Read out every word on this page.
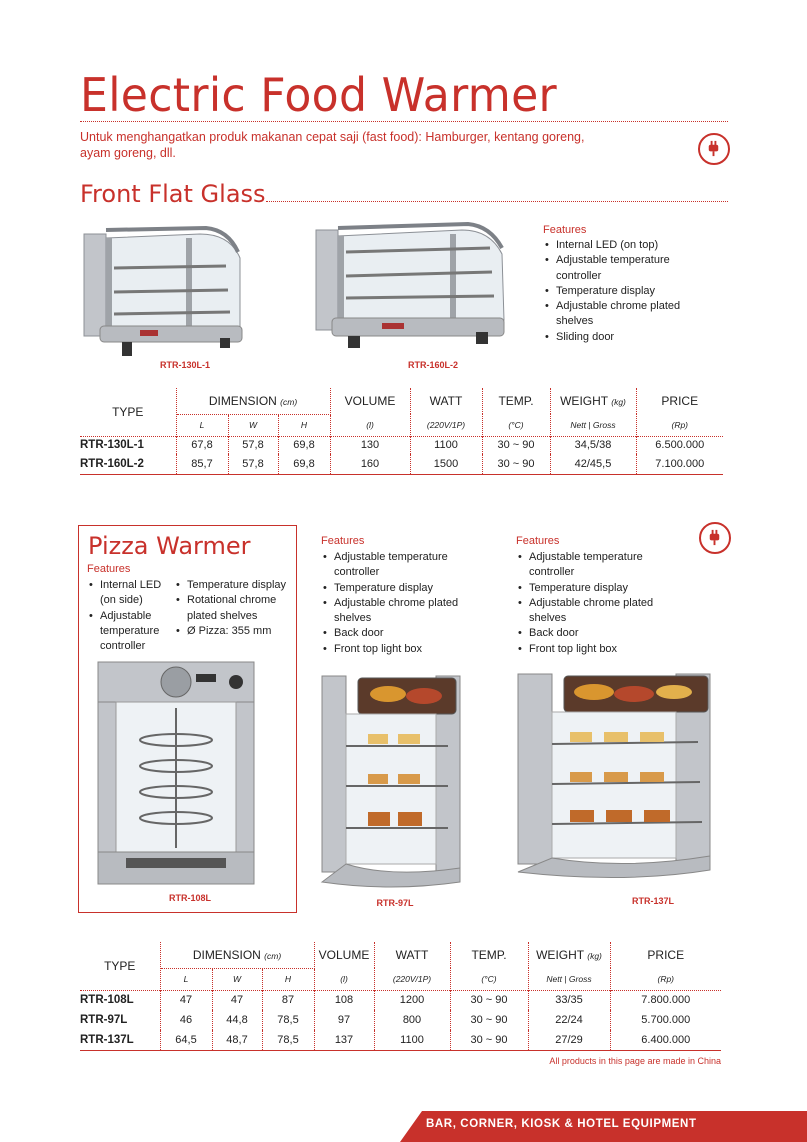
Electric Food Warmer
Untuk menghangatkan produk makanan cepat saji (fast food): Hamburger, kentang goreng, ayam goreng, dll.
Front Flat Glass
RTR-130L-1	RTR-160L-2
Features
• Internal LED (on top)
• Adjustable temperature controller
• Temperature display
• Adjustable chrome plated shelves
• Sliding door
TYPE	DIMENSION (cm)			VOLUME	WATT	TEMP.	WEIGHT (kg)	PRICE
	L	W	H	(l)	(220V/1P)	(°C)	Nett | Gross	(Rp)
RTR-130L-1	67,8	57,8	69,8	130	1100	30 ~ 90	34,5/38	6.500.000
RTR-160L-2	85,7	57,8	69,8	160	1500	30 ~ 90	42/45,5	7.100.000
Pizza Warmer
Features
• Internal LED (on side)
• Adjustable temperature controller
• Temperature display
• Rotational chrome plated shelves
• Ø Pizza: 355 mm
RTR-108L
Features
• Adjustable temperature controller
• Temperature display
• Adjustable chrome plated shelves
• Back door
• Front top light box
Features
• Adjustable temperature controller
• Temperature display
• Adjustable chrome plated shelves
• Back door
• Front top light box
RTR-97L	RTR-137L
TYPE	DIMENSION (cm)			VOLUME	WATT	TEMP.	WEIGHT (kg)	PRICE
	L	W	H	(l)	(220V/1P)	(°C)	Nett | Gross	(Rp)
RTR-108L	47	47	87	108	1200	30 ~ 90	33/35	7.800.000
RTR-97L	46	44,8	78,5	97	800	30 ~ 90	22/24	5.700.000
RTR-137L	64,5	48,7	78,5	137	1100	30 ~ 90	27/29	6.400.000
All products in this page are made in China
BAR, CORNER, KIOSK & HOTEL EQUIPMENT
